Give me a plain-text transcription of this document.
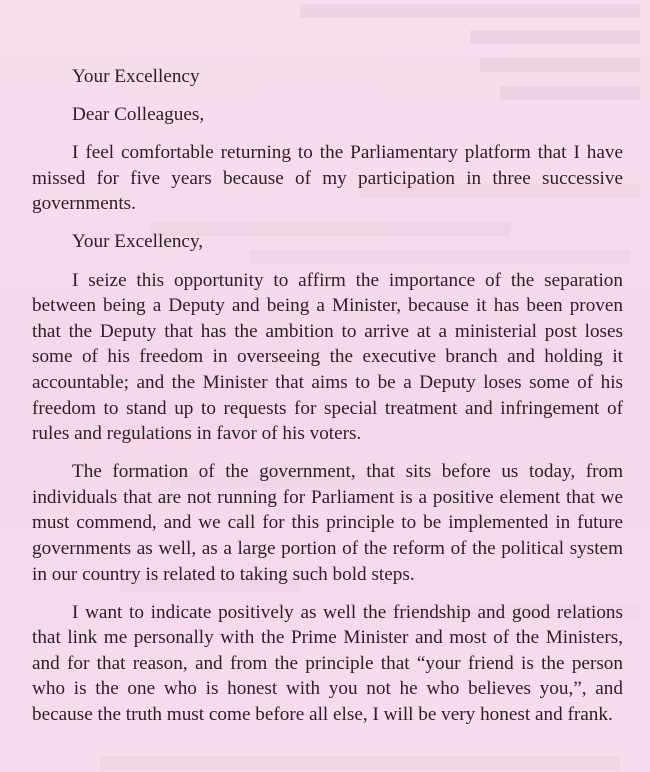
Your Excellency

Dear Colleagues,

I feel comfortable returning to the Parliamentary platform that I have missed for five years because of my participation in three successive governments.

Your Excellency,

I seize this opportunity to affirm the importance of the separation between being a Deputy and being a Minister, because it has been proven that the Deputy that has the ambition to arrive at a ministerial post loses some of his freedom in overseeing the executive branch and holding it accountable; and the Minister that aims to be a Deputy loses some of his freedom to stand up to requests for special treatment and infringement of rules and regulations in favor of his voters.

The formation of the government, that sits before us today, from individuals that are not running for Parliament is a positive element that we must commend, and we call for this principle to be implemented in future governments as well, as a large portion of the reform of the political system in our country is related to taking such bold steps.

I want to indicate positively as well the friendship and good relations that link me personally with the Prime Minister and most of the Ministers, and for that reason, and from the principle that “your friend is the person who is the one who is honest with you not he who believes you,”, and because the truth must come before all else, I will be very honest and frank.
